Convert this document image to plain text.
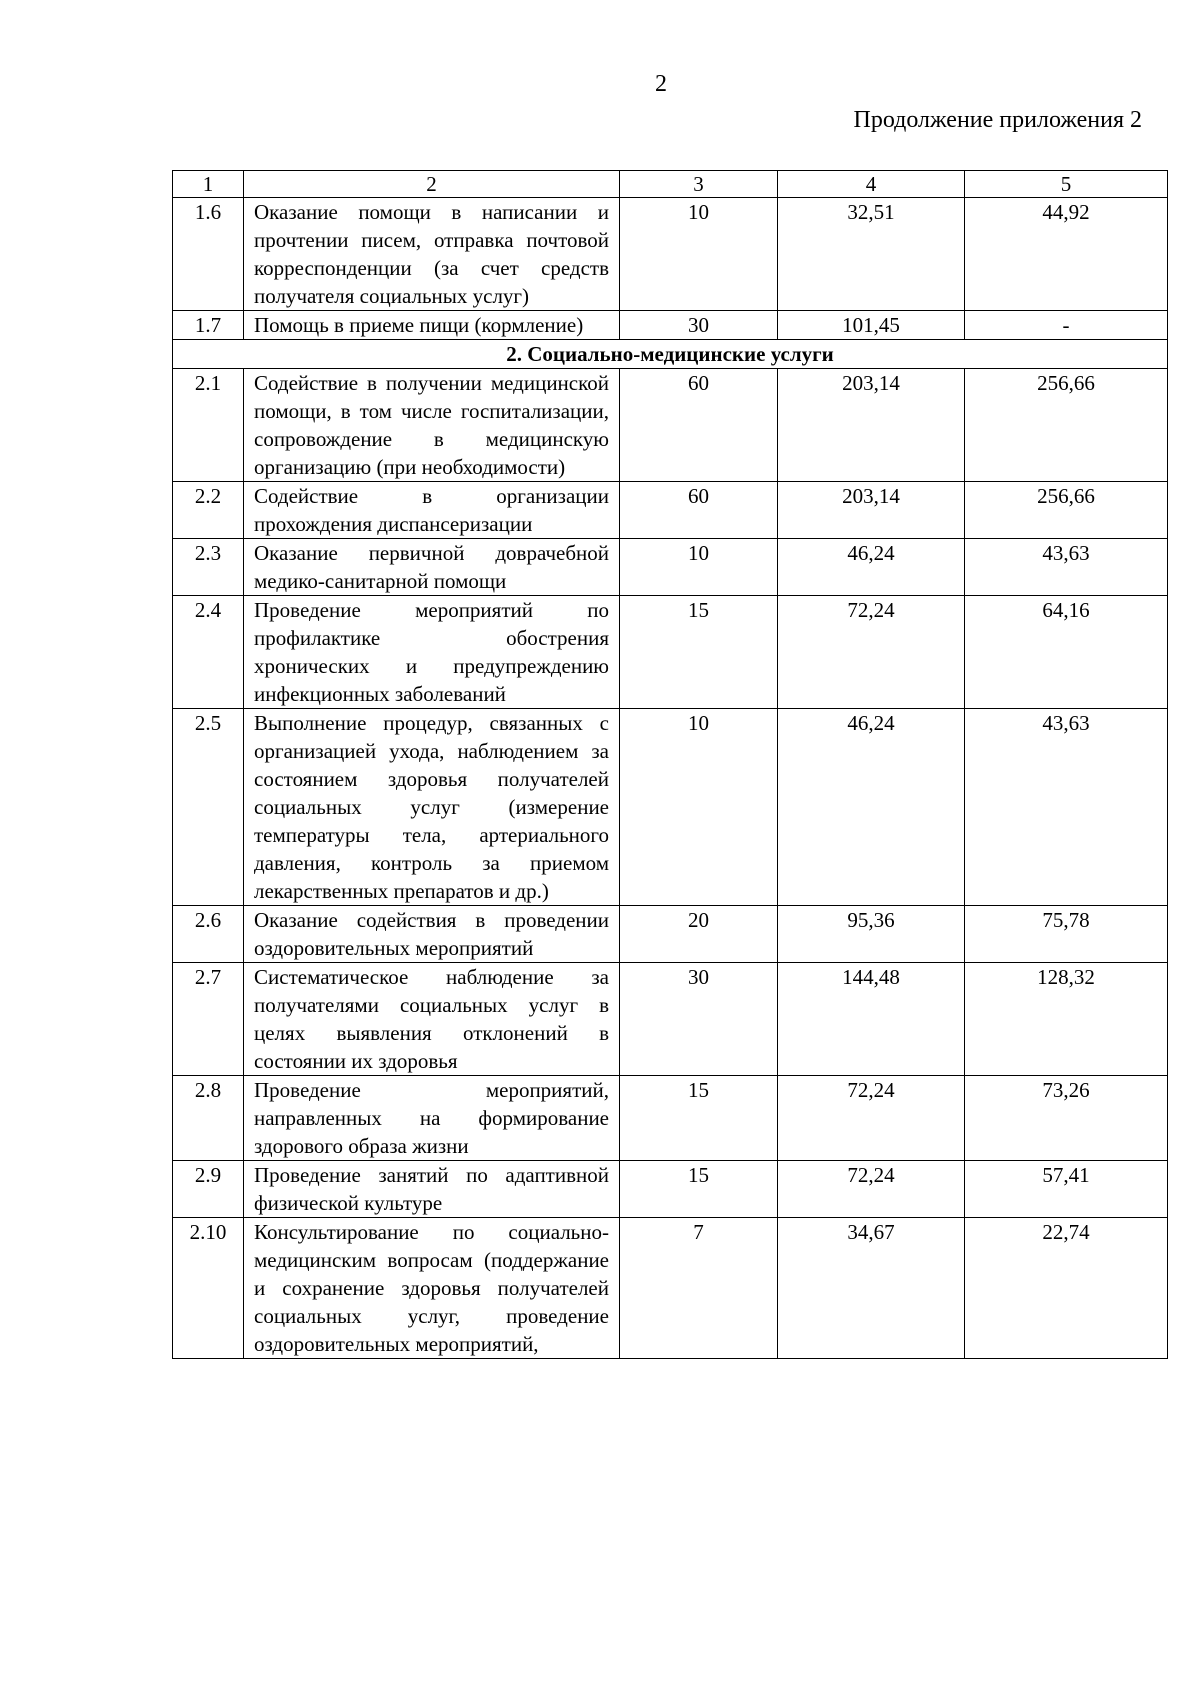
2
Продолжение приложения 2
1	2	3	4	5
1.6	Оказание помощи в написании и прочтении писем, отправка почтовой корреспонденции (за счет средств получателя социальных услуг)	10	32,51	44,92
1.7	Помощь в приеме пищи (кормление)	30	101,45	-
2. Социально-медицинские услуги				
2.1	Содействие в получении медицинской помощи, в том числе госпитализации, сопровождение в медицинскую организацию (при необходимости)	60	203,14	256,66
2.2	Содействие в организации прохождения диспансеризации	60	203,14	256,66
2.3	Оказание первичной доврачебной медико-санитарной помощи	10	46,24	43,63
2.4	Проведение мероприятий по профилактике обострения хронических и предупреждению инфекционных заболеваний	15	72,24	64,16
2.5	Выполнение процедур, связанных с организацией ухода, наблюдением за состоянием здоровья получателей социальных услуг (измерение температуры тела, артериального давления, контроль за приемом лекарственных препаратов и др.)	10	46,24	43,63
2.6	Оказание содействия в проведении оздоровительных мероприятий	20	95,36	75,78
2.7	Систематическое наблюдение за получателями социальных услуг в целях выявления отклонений в состоянии их здоровья	30	144,48	128,32
2.8	Проведение мероприятий, направленных на формирование здорового образа жизни	15	72,24	73,26
2.9	Проведение занятий по адаптивной физической культуре	15	72,24	57,41
2.10	Консультирование по социально-медицинским вопросам (поддержание и сохранение здоровья получателей социальных услуг, проведение оздоровительных мероприятий,	7	34,67	22,74
